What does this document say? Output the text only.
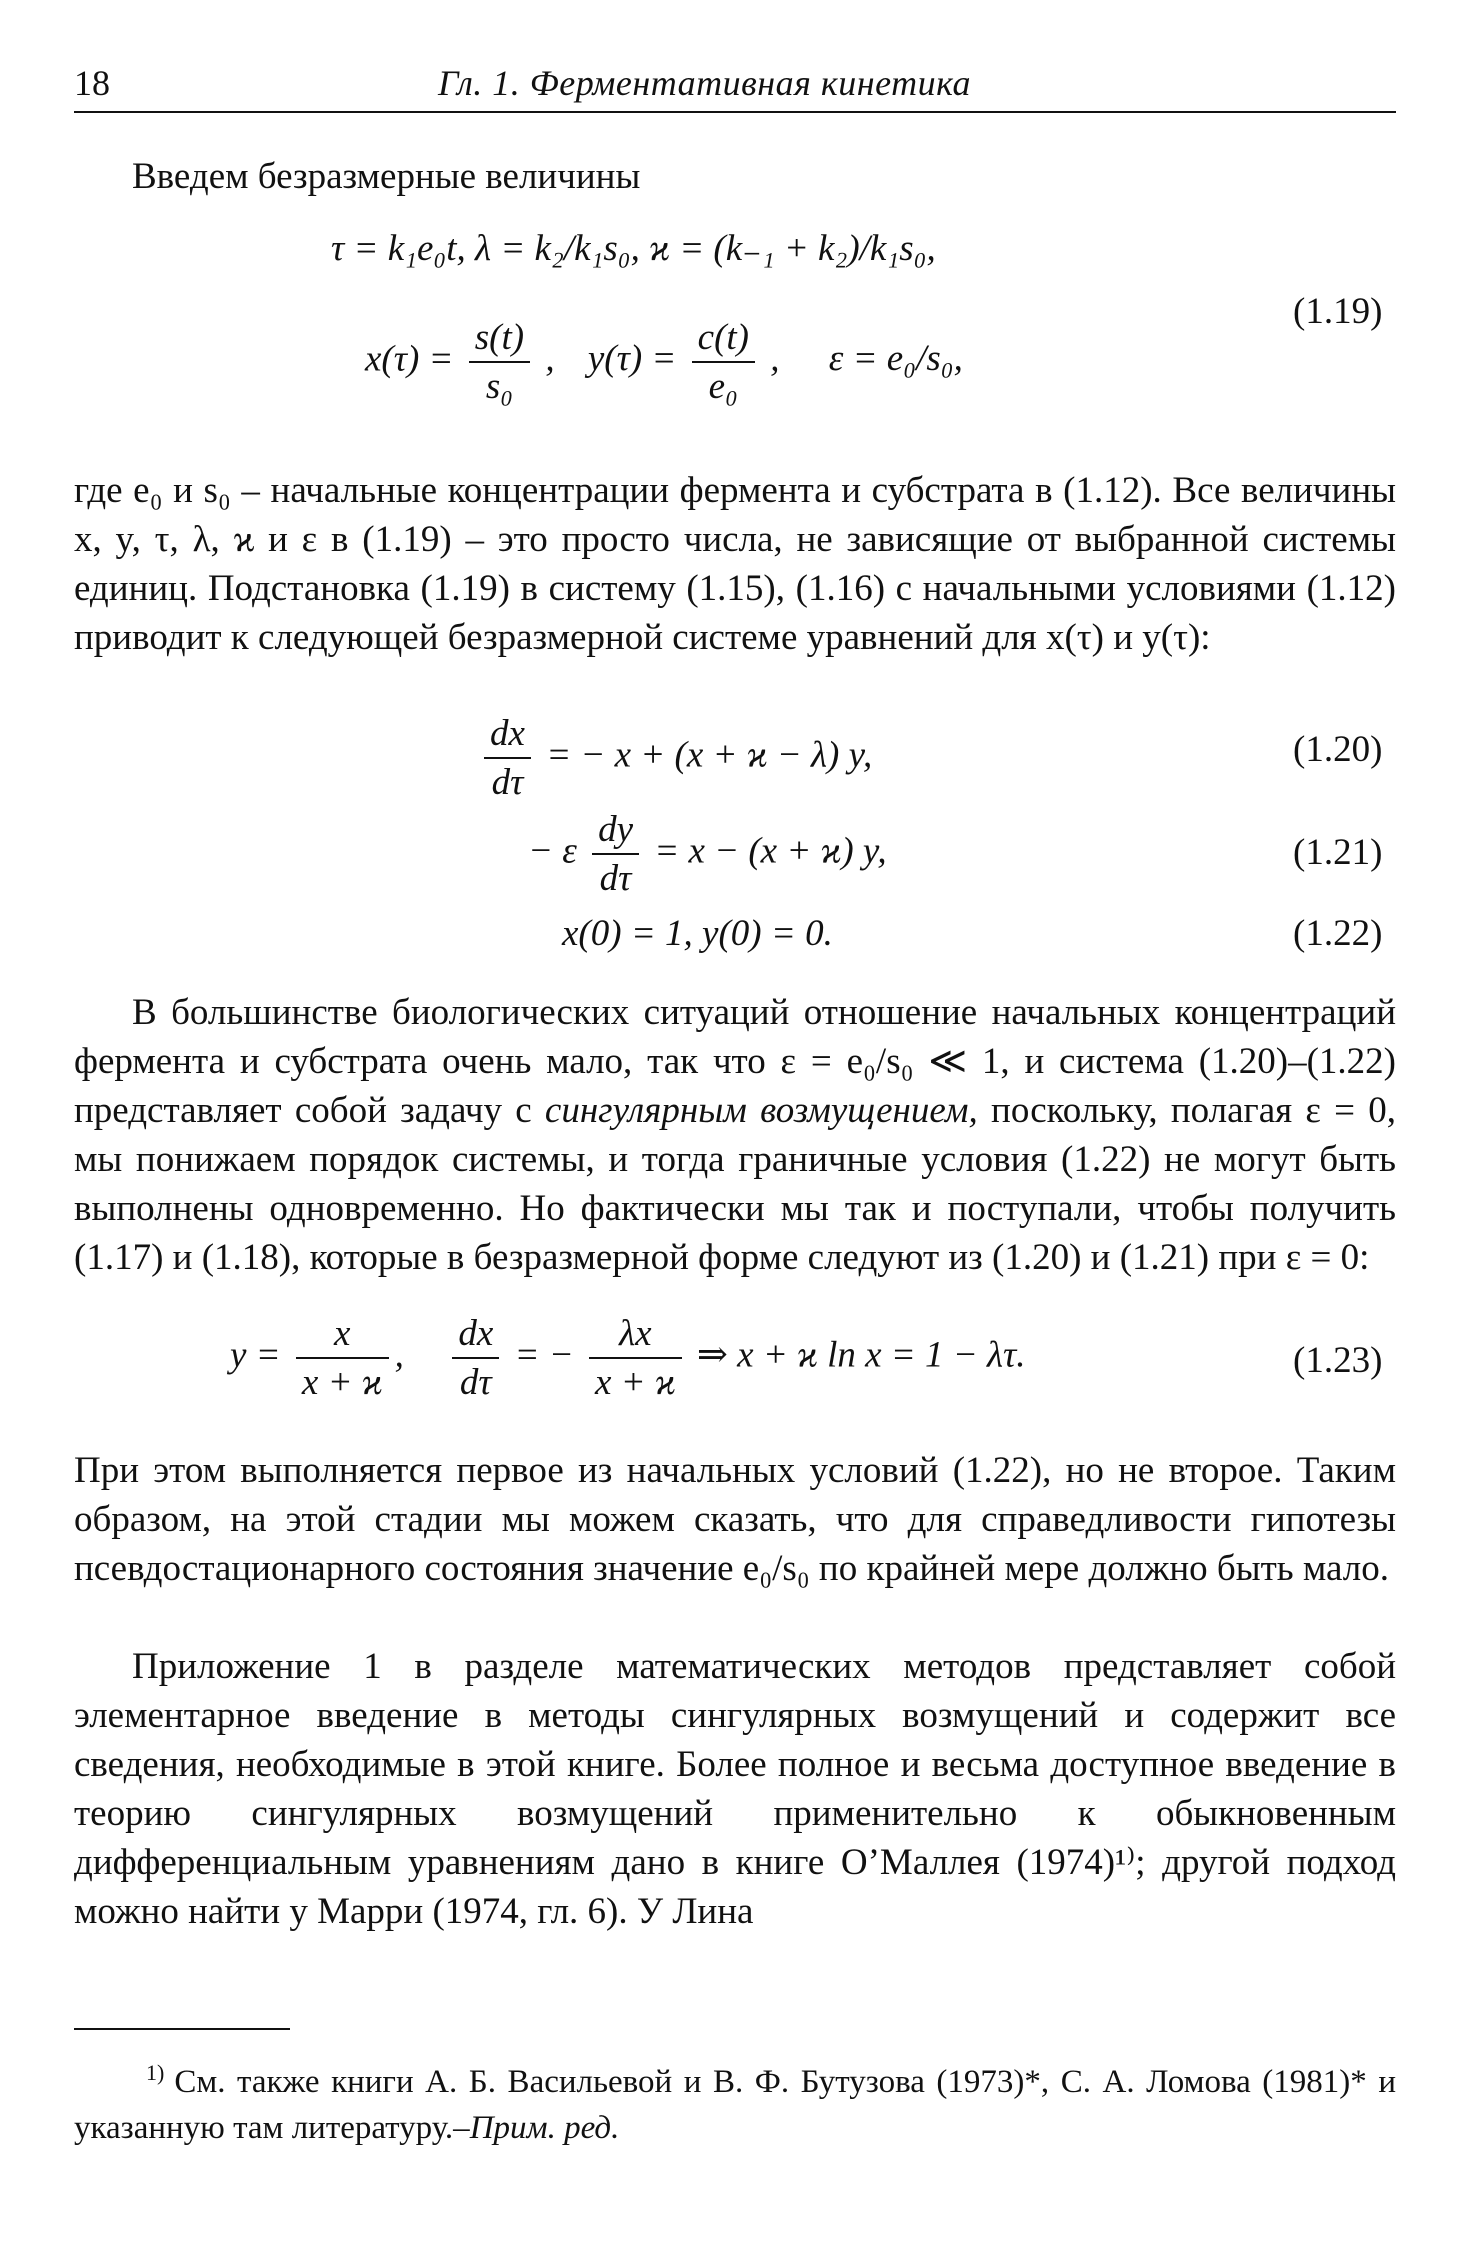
18	Гл. 1. Ферментативная кинетика
Введем безразмерные величины
τ = k₁e₀t, λ = k₂/k₁s₀, ϰ = (k₋₁ + k₂)/k₁s₀,
$x(\tau) = \frac{s(t)}{\text{s₀}}$ , $y(\tau) = \frac{c(t)}{\text{e₀}}$ , ε = e₀/s₀,
(1.19)
где e₀ и s₀ – начальные концентрации фермента и субстрата в (1.12). Все величины x, y, τ, λ, ϰ и ε в (1.19) – это просто числа, не зависящие от выбранной системы единиц. Подстановка (1.19) в систему (1.15), (1.16) с начальными условиями (1.12) приводит к следующей безразмерной системе уравнений для x(τ) и y(τ):
$\frac{dx}{d\tau}$ = − x + (x + ϰ − λ) y,	(1.20)
− ε $\frac{dy}{d\tau} = x - (x + ϰ)$ y,	(1.21)
x(0) = 1, y(0) = 0.	(1.22)
В большинстве биологических ситуаций отношение начальных концентраций фермента и субстрата очень мало, так что ε = e₀/s₀ ≪ 1, и система (1.20)–(1.22) представляет собой задачу с сингулярным возмущением, поскольку, полагая ε = 0, мы понижаем порядок системы, и тогда граничные условия (1.22) не могут быть выполнены одновременно. Но фактически мы так и поступали, чтобы получить (1.17) и (1.18), которые в безразмерной форме следуют из (1.20) и (1.21) при ε = 0:
$y = \frac{x}{x + ϰ}$ , $\frac{dx}{d\tau}$ = − $\frac{\lambda x}{x + ϰ}$ ⇒ x + ϰ ln x = 1 − λτ.	(1.23)
При этом выполняется первое из начальных условий (1.22), но не второе. Таким образом, на этой стадии мы можем сказать, что для справедливости гипотезы псевдостационарного состояния значение e₀/s₀ по крайней мере должно быть мало.
Приложение 1 в разделе математических методов представляет собой элементарное введение в методы сингулярных возмущений и содержит все сведения, необходимые в этой книге. Более полное и весьма доступное введение в теорию сингулярных возмущений применительно к обыкновенным дифференциальным уравнениям дано в книге О’Маллея (1974)¹⁾; другой подход можно найти у Марри (1974, гл. 6). У Лина
$^{1)}$ См. также книги А. Б. Васильевой и В. Ф. Бутузова (1973)*, С. А. Ломова (1981)* и указанную там литературу.–Прим. ред.
